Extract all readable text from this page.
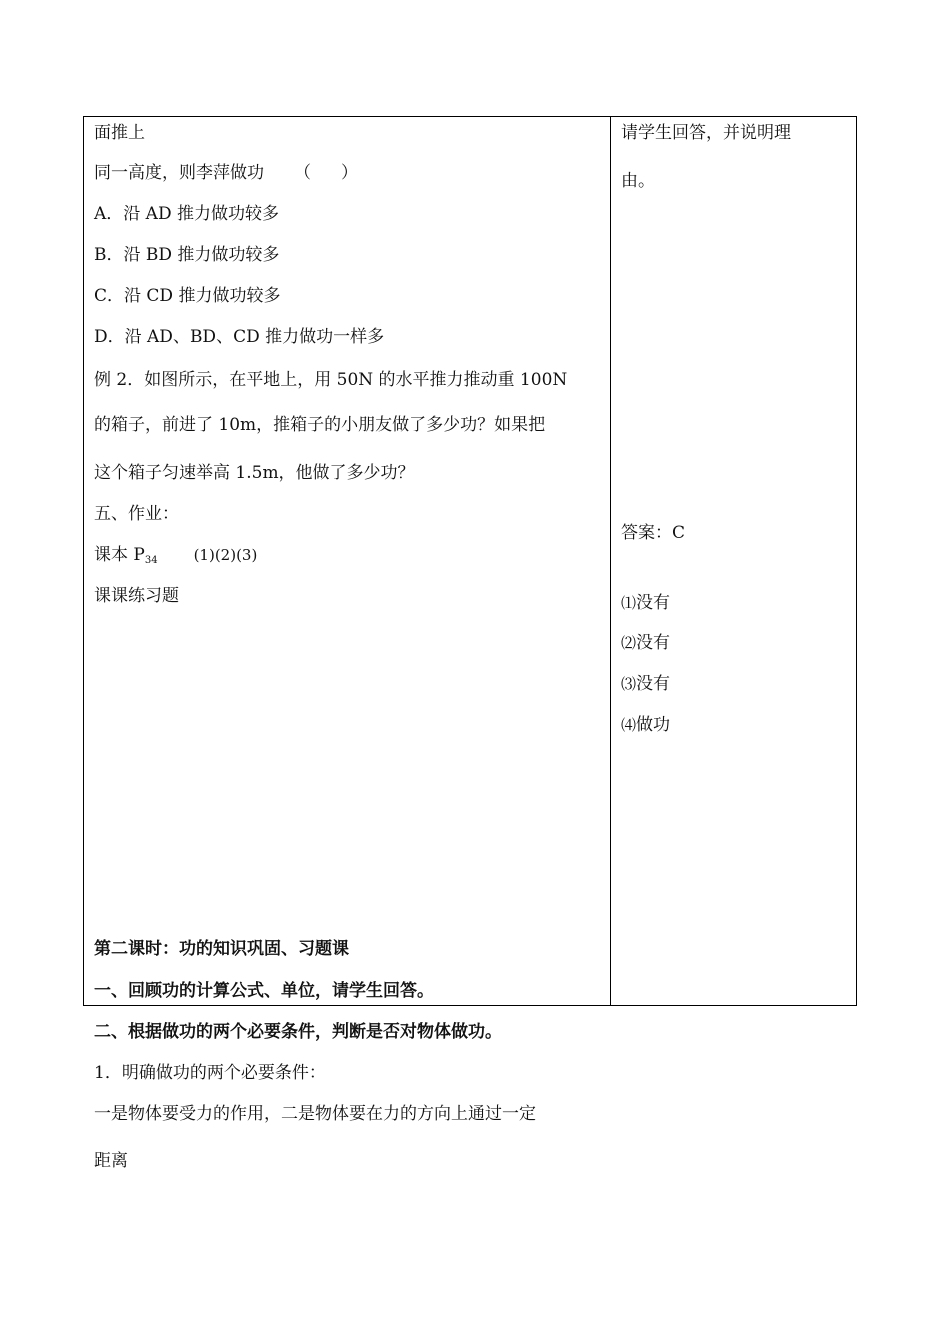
面推上
同一高度，则李萍做功 （ ）
A．沿 AD 推力做功较多
B．沿 BD 推力做功较多
C．沿 CD 推力做功较多
D．沿 AD、BD、CD 推力做功一样多
例 2．如图所示，在平地上，用 50N 的水平推力推动重 100N
的箱子，前进了 10m，推箱子的小朋友做了多少功？如果把
这个箱子匀速举高 1.5m，他做了多少功？
五、作业：
课本 $P_{34}$ (1)(2)(3)
课课练习题
第二课时：功的知识巩固、习题课
一、回顾功的计算公式、单位，请学生回答。
二、根据做功的两个必要条件，判断是否对物体做功。
1．明确做功的两个必要条件：
一是物体要受力的作用，二是物体要在力的方向上通过一定
距离
请学生回答，并说明理
由。
答案：C
⑴没有
⑵没有
⑶没有
⑷做功
